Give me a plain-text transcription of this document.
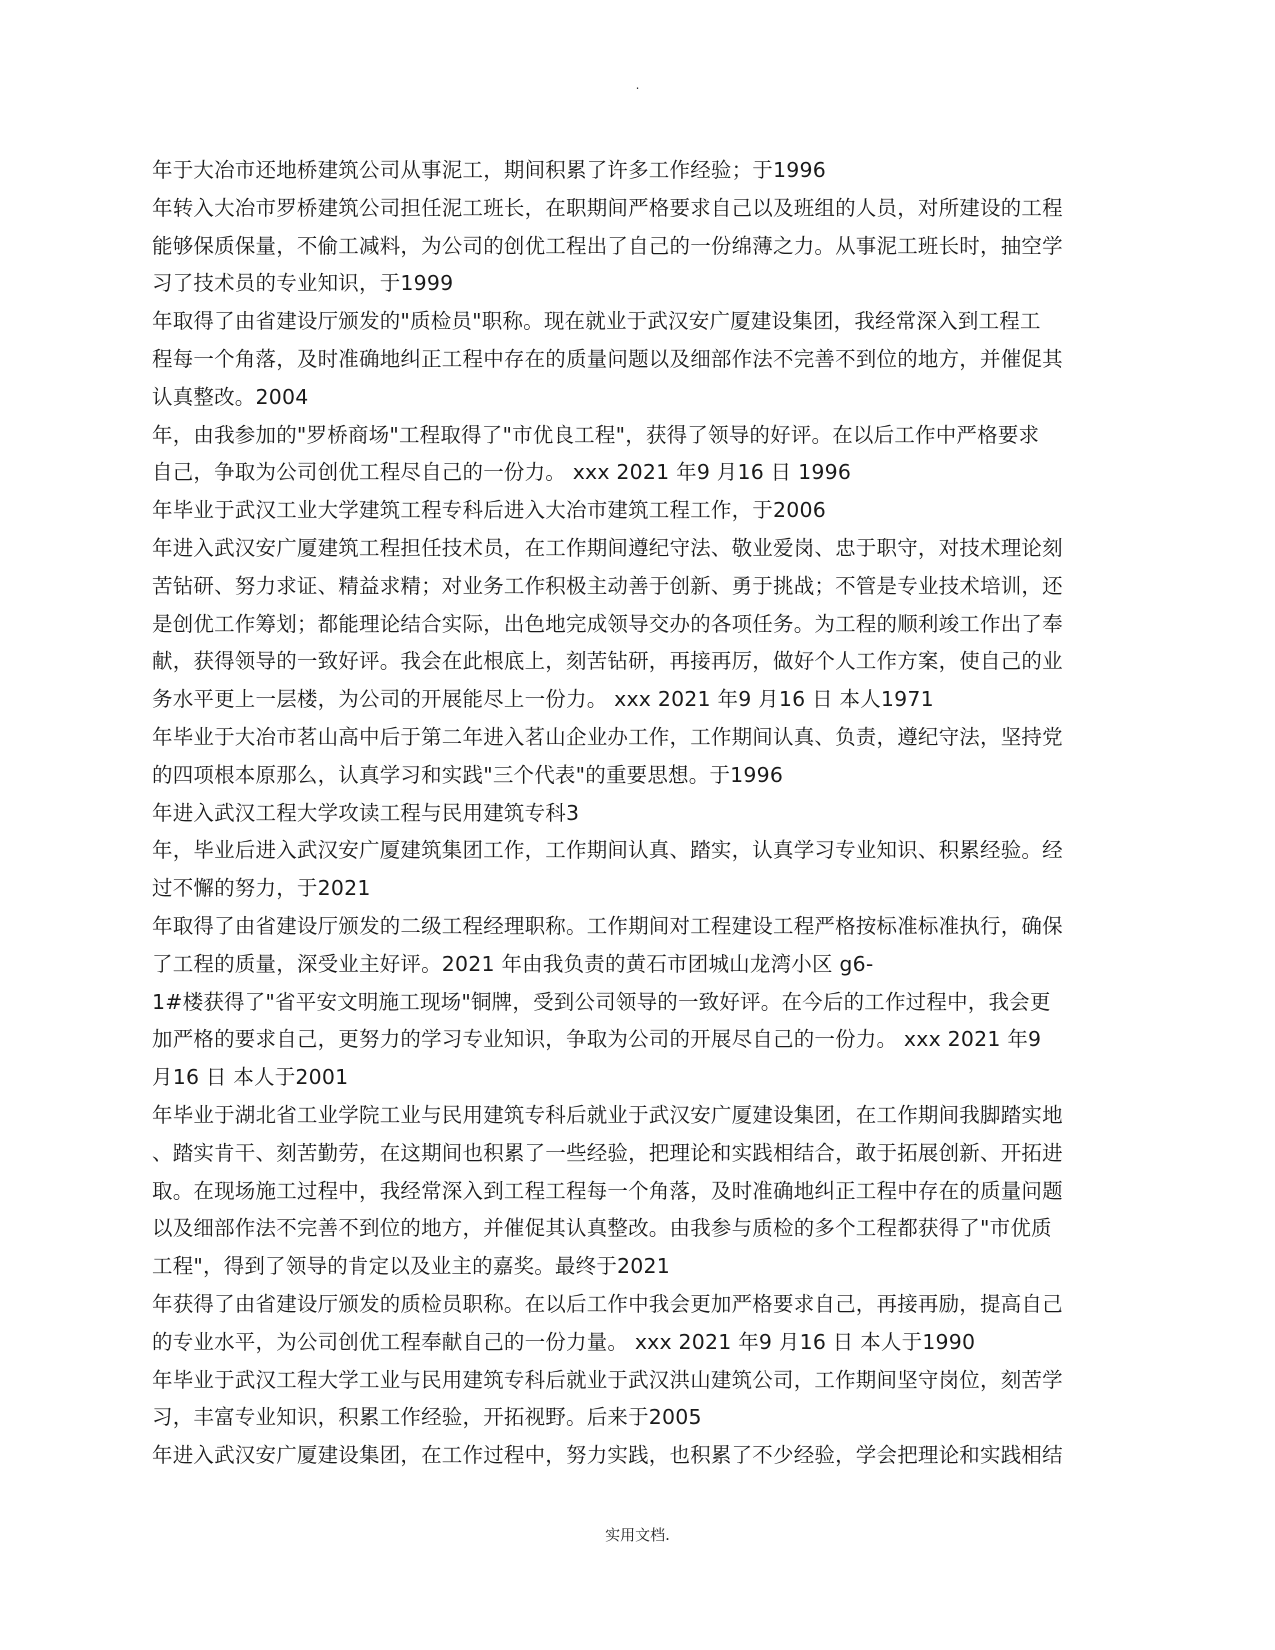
.
年于大冶市还地桥建筑公司从事泥工，期间积累了许多工作经验；于1996
年转入大冶市罗桥建筑公司担任泥工班长，在职期间严格要求自己以及班组的人员，对所建设的工程
能够保质保量，不偷工减料，为公司的创优工程出了自己的一份绵薄之力。从事泥工班长时，抽空学
习了技术员的专业知识，于1999
年取得了由省建设厅颁发的"质检员"职称。现在就业于武汉安广厦建设集团，我经常深入到工程工
程每一个角落，及时准确地纠正工程中存在的质量问题以及细部作法不完善不到位的地方，并催促其
认真整改。2004
年，由我参加的"罗桥商场"工程取得了"市优良工程"，获得了领导的好评。在以后工作中严格要求
自己，争取为公司创优工程尽自己的一份力。 xxx 2021 年9 月16 日 1996
年毕业于武汉工业大学建筑工程专科后进入大冶市建筑工程工作，于2006
年进入武汉安广厦建筑工程担任技术员，在工作期间遵纪守法、敬业爱岗、忠于职守，对技术理论刻
苦钻研、努力求证、精益求精；对业务工作积极主动善于创新、勇于挑战；不管是专业技术培训，还
是创优工作筹划；都能理论结合实际，出色地完成领导交办的各项任务。为工程的顺利竣工作出了奉
献，获得领导的一致好评。我会在此根底上，刻苦钻研，再接再厉，做好个人工作方案，使自己的业
务水平更上一层楼，为公司的开展能尽上一份力。 xxx 2021 年9 月16 日 本人1971
年毕业于大冶市茗山高中后于第二年进入茗山企业办工作，工作期间认真、负责，遵纪守法，坚持党
的四项根本原那么，认真学习和实践"三个代表"的重要思想。于1996
年进入武汉工程大学攻读工程与民用建筑专科3
年，毕业后进入武汉安广厦建筑集团工作，工作期间认真、踏实，认真学习专业知识、积累经验。经
过不懈的努力，于2021
年取得了由省建设厅颁发的二级工程经理职称。工作期间对工程建设工程严格按标准标准执行，确保
了工程的质量，深受业主好评。2021 年由我负责的黄石市团城山龙湾小区 g6-
1#楼获得了"省平安文明施工现场"铜牌，受到公司领导的一致好评。在今后的工作过程中，我会更
加严格的要求自己，更努力的学习专业知识，争取为公司的开展尽自己的一份力。 xxx 2021 年9
月16 日 本人于2001
年毕业于湖北省工业学院工业与民用建筑专科后就业于武汉安广厦建设集团，在工作期间我脚踏实地
、踏实肯干、刻苦勤劳，在这期间也积累了一些经验，把理论和实践相结合，敢于拓展创新、开拓进
取。在现场施工过程中，我经常深入到工程工程每一个角落，及时准确地纠正工程中存在的质量问题
以及细部作法不完善不到位的地方，并催促其认真整改。由我参与质检的多个工程都获得了"市优质
工程"，得到了领导的肯定以及业主的嘉奖。最终于2021
年获得了由省建设厅颁发的质检员职称。在以后工作中我会更加严格要求自己，再接再励，提高自己
的专业水平，为公司创优工程奉献自己的一份力量。 xxx 2021 年9 月16 日 本人于1990
年毕业于武汉工程大学工业与民用建筑专科后就业于武汉洪山建筑公司，工作期间坚守岗位，刻苦学
习，丰富专业知识，积累工作经验，开拓视野。后来于2005
年进入武汉安广厦建设集团，在工作过程中，努力实践，也积累了不少经验，学会把理论和实践相结
实用文档.
